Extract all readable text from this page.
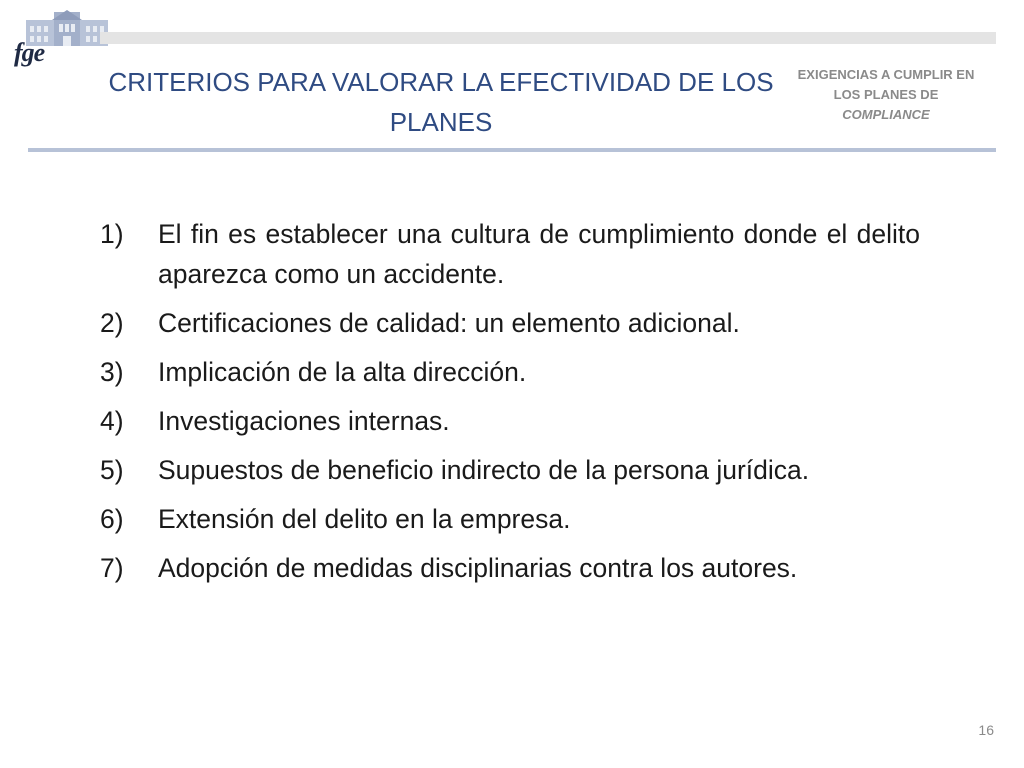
fge
CRITERIOS PARA VALORAR LA EFECTIVIDAD DE LOS PLANES
EXIGENCIAS A CUMPLIR EN
LOS PLANES DE
COMPLIANCE
1)	El fin es establecer una cultura de cumplimiento donde el delito aparezca como un accidente.
2)	Certificaciones de calidad: un elemento adicional.
3)	Implicación de la alta dirección.
4)	Investigaciones internas.
5)	Supuestos de beneficio indirecto de la persona jurídica.
6)	Extensión del delito en la empresa.
7)	Adopción de medidas disciplinarias contra los autores.
16
